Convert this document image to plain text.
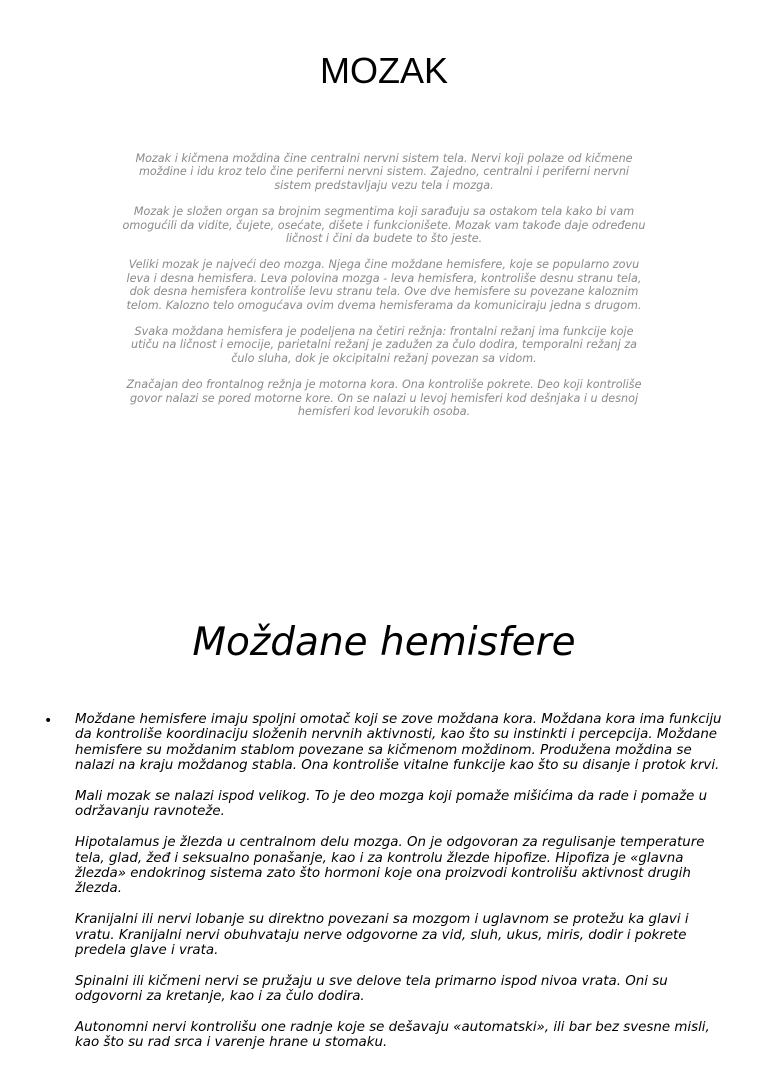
MOZAK

Mozak i kičmena moždina čine centralni nervni sistem tela. Nervi koji polaze od kičmene moždine i idu kroz telo čine periferni nervni sistem. Zajedno, centralni i periferni nervni sistem predstavljaju vezu tela i mozga.

Mozak je složen organ sa brojnim segmentima koji sarađuju sa ostakom tela kako bi vam omogućili da vidite, čujete, osećate, dišete i funkcionišete. Mozak vam takođe daje određenu ličnost i čini da budete to što jeste.

Veliki mozak je najveći deo mozga. Njega čine moždane hemisfere, koje se popularno zovu leva i desna hemisfera. Leva polovina mozga - leva hemisfera, kontroliše desnu stranu tela, dok desna hemisfera kontroliše levu stranu tela. Ove dve hemisfere su povezane kaloznim telom. Kalozno telo omogućava ovim dvema hemisferama da komuniciraju jedna s drugom.

Svaka moždana hemisfera je podeljena na četiri režnja: frontalni režanj ima funkcije koje utiču na ličnost i emocije, parietalni režanj je zadužen za čulo dodira, temporalni režanj za čulo sluha, dok je okcipitalni režanj povezan sa vidom.

Značajan deo frontalnog režnja je motorna kora. Ona kontroliše pokrete. Deo koji kontroliše govor nalazi se pored motorne kore. On se nalazi u levoj hemisferi kod dešnjaka i u desnoj hemisferi kod levorukih osoba.

Moždane hemisfere
• Moždane hemisfere imaju spoljni omotač koji se zove moždana kora. Moždana kora ima funkciju da kontroliše koordinaciju složenih nervnih aktivnosti, kao što su instinkti i percepcija. Moždane hemisfere su moždanim stablom povezane sa kičmenom moždinom. Produžena moždina se nalazi na kraju moždanog stabla. Ona kontroliše vitalne funkcije kao što su disanje i protok krvi.

Mali mozak se nalazi ispod velikog. To je deo mozga koji pomaže mišićima da rade i pomaže u održavanju ravnoteže.

Hipotalamus je žlezda u centralnom delu mozga. On je odgovoran za regulisanje temperature tela, glad, žeđ i seksualno ponašanje, kao i za kontrolu žlezde hipofize. Hipofiza je «glavna žlezda» endokrinog sistema zato što hormoni koje ona proizvodi kontrolišu aktivnost drugih žlezda.

Kranijalni ili nervi lobanje su direktno povezani sa mozgom i uglavnom se protežu ka glavi i vratu. Kranijalni nervi obuhvataju nerve odgovorne za vid, sluh, ukus, miris, dodir i pokrete predela glave i vrata.

Spinalni ili kičmeni nervi se pružaju u sve delove tela primarno ispod nivoa vrata. Oni su odgovorni za kretanje, kao i za čulo dodira.

Autonomni nervi kontrolišu one radnje koje se dešavaju «automatski», ili bar bez svesne misli, kao što su rad srca i varenje hrane u stomaku.
